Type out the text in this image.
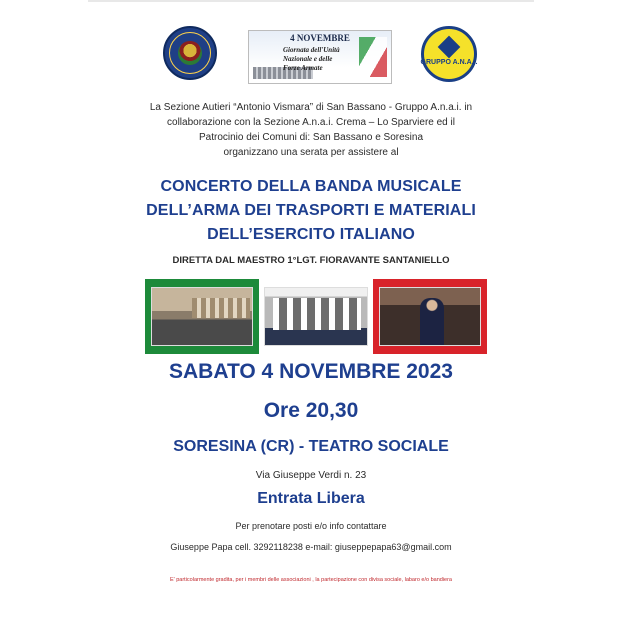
4 NOVEMBRE
Giornata dell'Unità
Nazionale e delle
Forze Armate
GRUPPO A.N.A.I.
La Sezione Autieri “Antonio Vismara” di San Bassano - Gruppo A.n.a.i. in
collaborazione con la Sezione A.n.a.i. Crema – Lo Sparviere ed il
Patrocinio dei Comuni di: San Bassano e Soresina
organizzano una serata per assistere al
CONCERTO DELLA BANDA MUSICALE
DELL’ARMA DEI TRASPORTI E MATERIALI
DELL’ESERCITO ITALIANO
DIRETTA DAL MAESTRO 1°LGT. FIORAVANTE SANTANIELLO
SABATO 4 NOVEMBRE 2023
Ore 20,30
SORESINA (CR) - TEATRO SOCIALE
Via Giuseppe Verdi n. 23
Entrata Libera
Per prenotare posti e/o info contattare
Giuseppe Papa cell. 3292118238 e-mail: giuseppepapa63@gmail.com
E' particolarmente gradita, per i membri delle associazioni , la partecipazione con divisa sociale, labaro e/o bandiera
